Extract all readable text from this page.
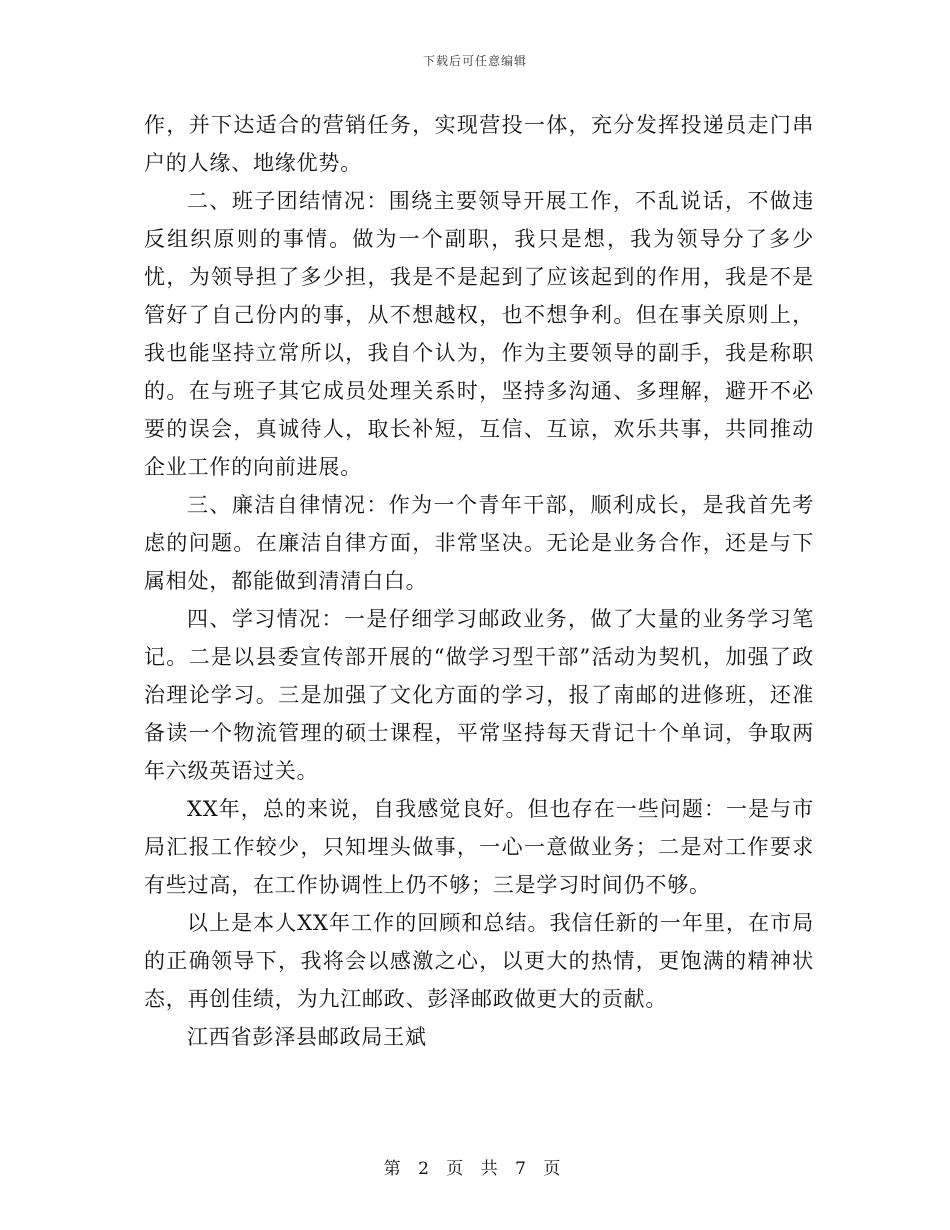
下载后可任意编辑

作，并下达适合的营销任务，实现营投一体，充分发挥投递员走门串户的人缘、地缘优势。

二、班子团结情况：围绕主要领导开展工作，不乱说话，不做违反组织原则的事情。做为一个副职，我只是想，我为领导分了多少忧，为领导担了多少担，我是不是起到了应该起到的作用，我是不是管好了自己份内的事，从不想越权，也不想争利。但在事关原则上，我也能坚持立常所以，我自个认为，作为主要领导的副手，我是称职的。在与班子其它成员处理关系时，坚持多沟通、多理解，避开不必要的误会，真诚待人，取长补短，互信、互谅，欢乐共事，共同推动企业工作的向前进展。

三、廉洁自律情况：作为一个青年干部，顺利成长，是我首先考虑的问题。在廉洁自律方面，非常坚决。无论是业务合作，还是与下属相处，都能做到清清白白。

四、学习情况：一是仔细学习邮政业务，做了大量的业务学习笔记。二是以县委宣传部开展的“做学习型干部”活动为契机，加强了政治理论学习。三是加强了文化方面的学习，报了南邮的进修班，还准备读一个物流管理的硕士课程，平常坚持每天背记十个单词，争取两年六级英语过关。

XX年，总的来说，自我感觉良好。但也存在一些问题：一是与市局汇报工作较少，只知埋头做事，一心一意做业务；二是对工作要求有些过高，在工作协调性上仍不够；三是学习时间仍不够。

以上是本人XX年工作的回顾和总结。我信任新的一年里，在市局的正确领导下，我将会以感激之心，以更大的热情，更饱满的精神状态，再创佳绩，为九江邮政、彭泽邮政做更大的贡献。

江西省彭泽县邮政局王斌

第 2 页 共 7 页
